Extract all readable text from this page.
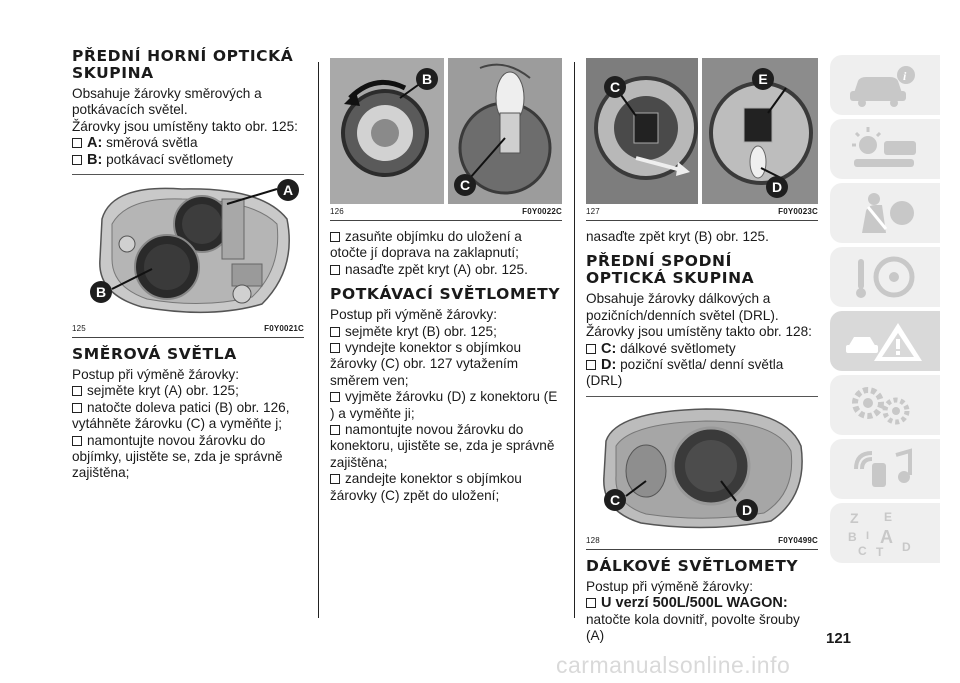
PŘEDNÍ HORNÍ OPTICKÁ SKUPINA

Obsahuje žárovky směrových a potkávacích světel.

Žárovky jsou umístěny takto obr. 125:

A: směrová světla
B: potkávací světlomety
A
B
125	F0Y0021C
SMĚROVÁ SVĚTLA

Postup při výměně žárovky:

sejměte kryt (A) obr. 125;
natočte doleva patici (B) obr. 126, vytáhněte žárovku (C) a vyměňte j;
namontujte novou žárovku do objímky, ujistěte se, zda je správně zajištěna;
B
C
126	F0Y0022C
zasuňte objímku do uložení a otočte jí doprava na zaklapnutí;
nasaďte zpět kryt (A) obr. 125.
POTKÁVACÍ SVĚTLOMETY

Postup při výměně žárovky:

sejměte kryt (B) obr. 125;
vyndejte konektor s objímkou žárovky (C) obr. 127 vytažením směrem ven;
vyjměte žárovku (D) z konektoru (E ) a vyměňte ji;
namontujte novou žárovku do konektoru, ujistěte se, zda je správně zajištěna;
zandejte konektor s objímkou žárovky (C) zpět do uložení;
C	E
D
127	F0Y0023C

nasaďte zpět kryt (B) obr. 125.

PŘEDNÍ SPODNÍ OPTICKÁ SKUPINA

Obsahuje žárovky dálkových a pozičních/denních světel (DRL).

Žárovky jsou umístěny takto obr. 128:

C: dálkové světlomety
D: poziční světla/ denní světla (DRL)
C
D
128	F0Y0499C
DÁLKOVÉ SVĚTLOMETY

Postup při výměně žárovky:

U verzí 500L/500L WAGON:

natočte kola dovnitř, povolte šrouby (A)

i
Z E
B A
I
C T D
121
carmanualsonline.info
